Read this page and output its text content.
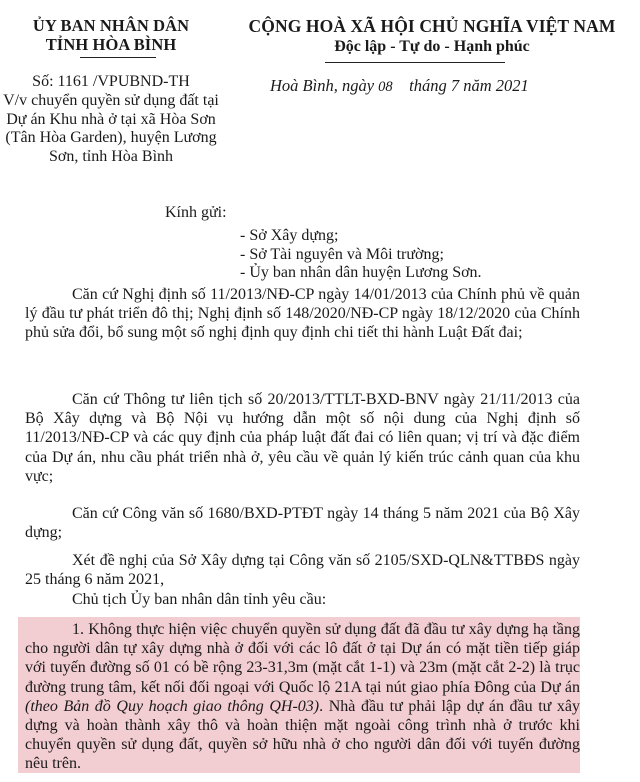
ỦY BAN NHÂN DÂN
TỈNH HÒA BÌNH
Số: 1161 /VPUBND-TH
V/v chuyển quyền sử dụng đất tại
Dự án Khu nhà ở tại xã Hòa Sơn
(Tân Hòa Garden), huyện Lương
Sơn, tỉnh Hòa Bình
CỘNG HOÀ XÃ HỘI CHỦ NGHĨA VIỆT NAM
Độc lập - Tự do - Hạnh phúc
Hoà Bình, ngày 08    tháng 7 năm 2021
Kính gửi:
- Sở Xây dựng;
- Sở Tài nguyên và Môi trường;
- Ủy ban nhân dân huyện Lương Sơn.
Căn cứ Nghị định số 11/2013/NĐ-CP ngày 14/01/2013 của Chính phủ về quản lý đầu tư phát triển đô thị; Nghị định số 148/2020/NĐ-CP ngày 18/12/2020 của Chính phủ sửa đổi, bổ sung một số nghị định quy định chi tiết thi hành Luật Đất đai;
Căn cứ Thông tư liên tịch số 20/2013/TTLT-BXD-BNV ngày 21/11/2013 của Bộ Xây dựng và Bộ Nội vụ hướng dẫn một số nội dung của Nghị định số 11/2013/NĐ-CP và các quy định của pháp luật đất đai có liên quan; vị trí và đặc điểm của Dự án, nhu cầu phát triển nhà ở, yêu cầu về quản lý kiến trúc cảnh quan của khu vực;
Căn cứ Công văn số 1680/BXD-PTĐT ngày 14 tháng 5 năm 2021 của Bộ Xây dựng;
Xét đề nghị của Sở Xây dựng tại Công văn số 2105/SXD-QLN&TTBĐS ngày 25 tháng 6 năm 2021,
Chủ tịch Ủy ban nhân dân tỉnh yêu cầu:
1. Không thực hiện việc chuyển quyền sử dụng đất đã đầu tư xây dựng hạ tầng cho người dân tự xây dựng nhà ở đối với các lô đất ở tại Dự án có mặt tiền tiếp giáp với tuyến đường số 01 có bề rộng 23-31,3m (mặt cắt 1-1) và 23m (mặt cắt 2-2) là trục đường trung tâm, kết nối đối ngoại với Quốc lộ 21A tại nút giao phía Đông của Dự án (theo Bản đồ Quy hoạch giao thông QH-03). Nhà đầu tư phải lập dự án đầu tư xây dựng và hoàn thành xây thô và hoàn thiện mặt ngoài công trình nhà ở trước khi chuyển quyền sử dụng đất, quyền sở hữu nhà ở cho người dân đối với tuyến đường nêu trên.
